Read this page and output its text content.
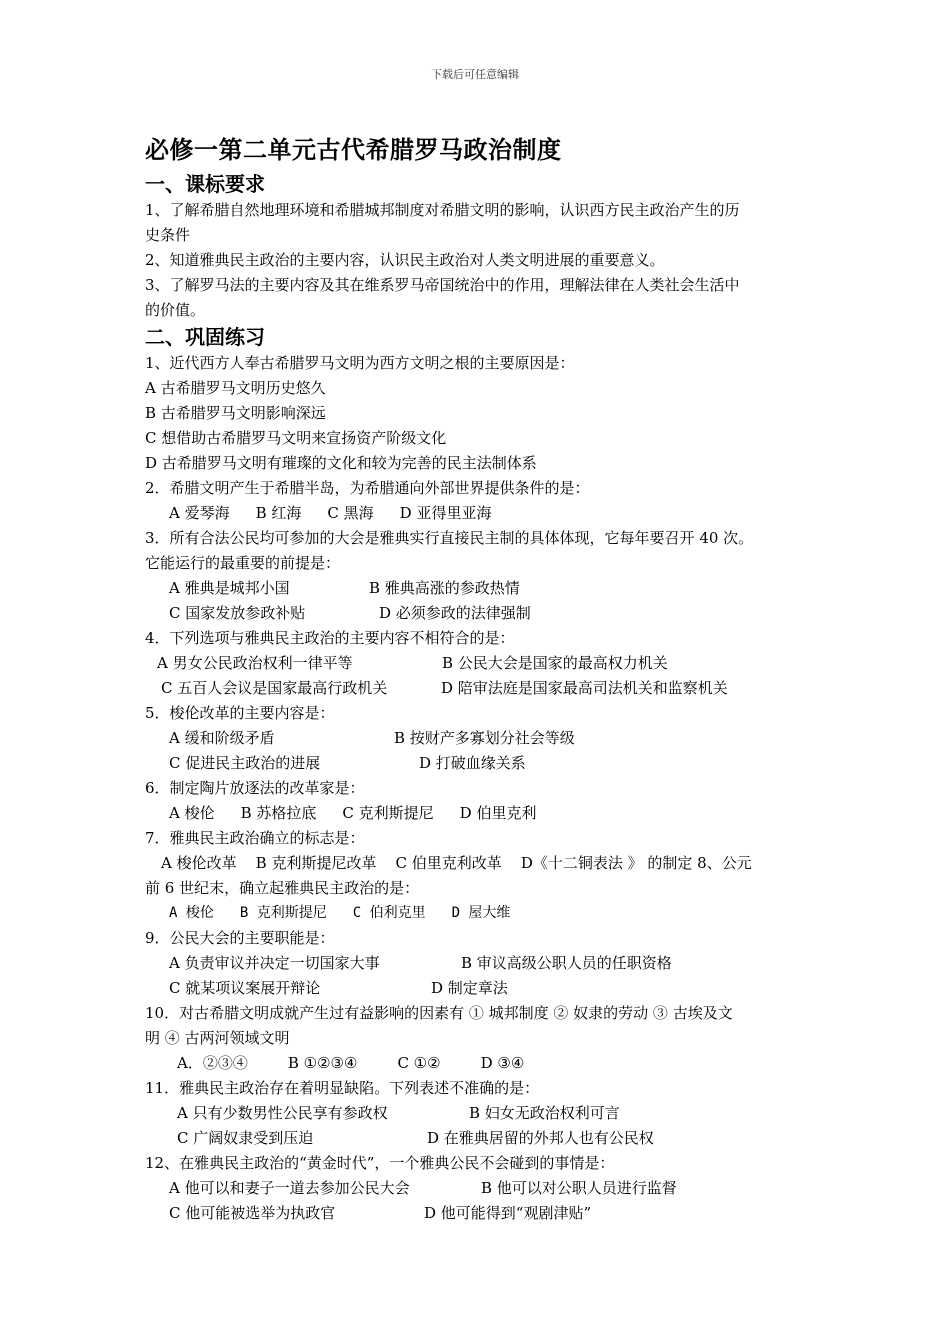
下载后可任意编辑
必修一第二单元古代希腊罗马政治制度
一、课标要求
1、了解希腊自然地理环境和希腊城邦制度对希腊文明的影响，认识西方民主政治产生的历
史条件
2、知道雅典民主政治的主要内容，认识民主政治对人类文明进展的重要意义。
3、了解罗马法的主要内容及其在维系罗马帝国统治中的作用，理解法律在人类社会生活中
的价值。
二、巩固练习
1、近代西方人奉古希腊罗马文明为西方文明之根的主要原因是：
A 古希腊罗马文明历史悠久
B 古希腊罗马文明影响深远
C 想借助古希腊罗马文明来宣扬资产阶级文化
D 古希腊罗马文明有璀璨的文化和较为完善的民主法制体系
2．希腊文明产生于希腊半岛，为希腊通向外部世界提供条件的是：
A 爱琴海 B 红海 C 黑海 D 亚得里亚海
3．所有合法公民均可参加的大会是雅典实行直接民主制的具体体现，它每年要召开 40 次。
它能运行的最重要的前提是：
A 雅典是城邦小国	B 雅典高涨的参政热情
C 国家发放参政补贴	D 必须参政的法律强制
4．下列选项与雅典民主政治的主要内容不相符合的是：
A 男女公民政治权利一律平等	B 公民大会是国家的最高权力机关
C 五百人会议是国家最高行政机关	D 陪审法庭是国家最高司法机关和监察机关
5．梭伦改革的主要内容是：
A 缓和阶级矛盾	B 按财产多寡划分社会等级
C 促进民主政治的进展	D 打破血缘关系
6．制定陶片放逐法的改革家是：
A 梭伦 B 苏格拉底 C 克利斯提尼 D 伯里克利
7．雅典民主政治确立的标志是：
A 梭伦改革    B 克利斯提尼改革    C 伯里克利改革    D《十二铜表法 》 的制定 8、公元
前 6 世纪末，确立起雅典民主政治的是：
A 梭伦 B 克利斯提尼 C 伯利克里 D 屋大维
9．公民大会的主要职能是：
A 负责审议并决定一切国家大事	B 审议高级公职人员的任职资格
C 就某项议案展开辩论	D 制定章法
10．对古希腊文明成就产生过有益影响的因素有 ① 城邦制度 ② 奴隶的劳动 ③ 古埃及文
明 ④ 古两河领域文明
A．②③④	B ①②③④	C ①②	D ③④
11．雅典民主政治存在着明显缺陷。下列表述不准确的是：
A 只有少数男性公民享有参政权	B 妇女无政治权利可言
C 广阔奴隶受到压迫	D 在雅典居留的外邦人也有公民权
12、在雅典民主政治的“黄金时代”，一个雅典公民不会碰到的事情是：
A 他可以和妻子一道去参加公民大会	B 他可以对公职人员进行监督
C 他可能被选举为执政官	D 他可能得到“观剧津贴”
